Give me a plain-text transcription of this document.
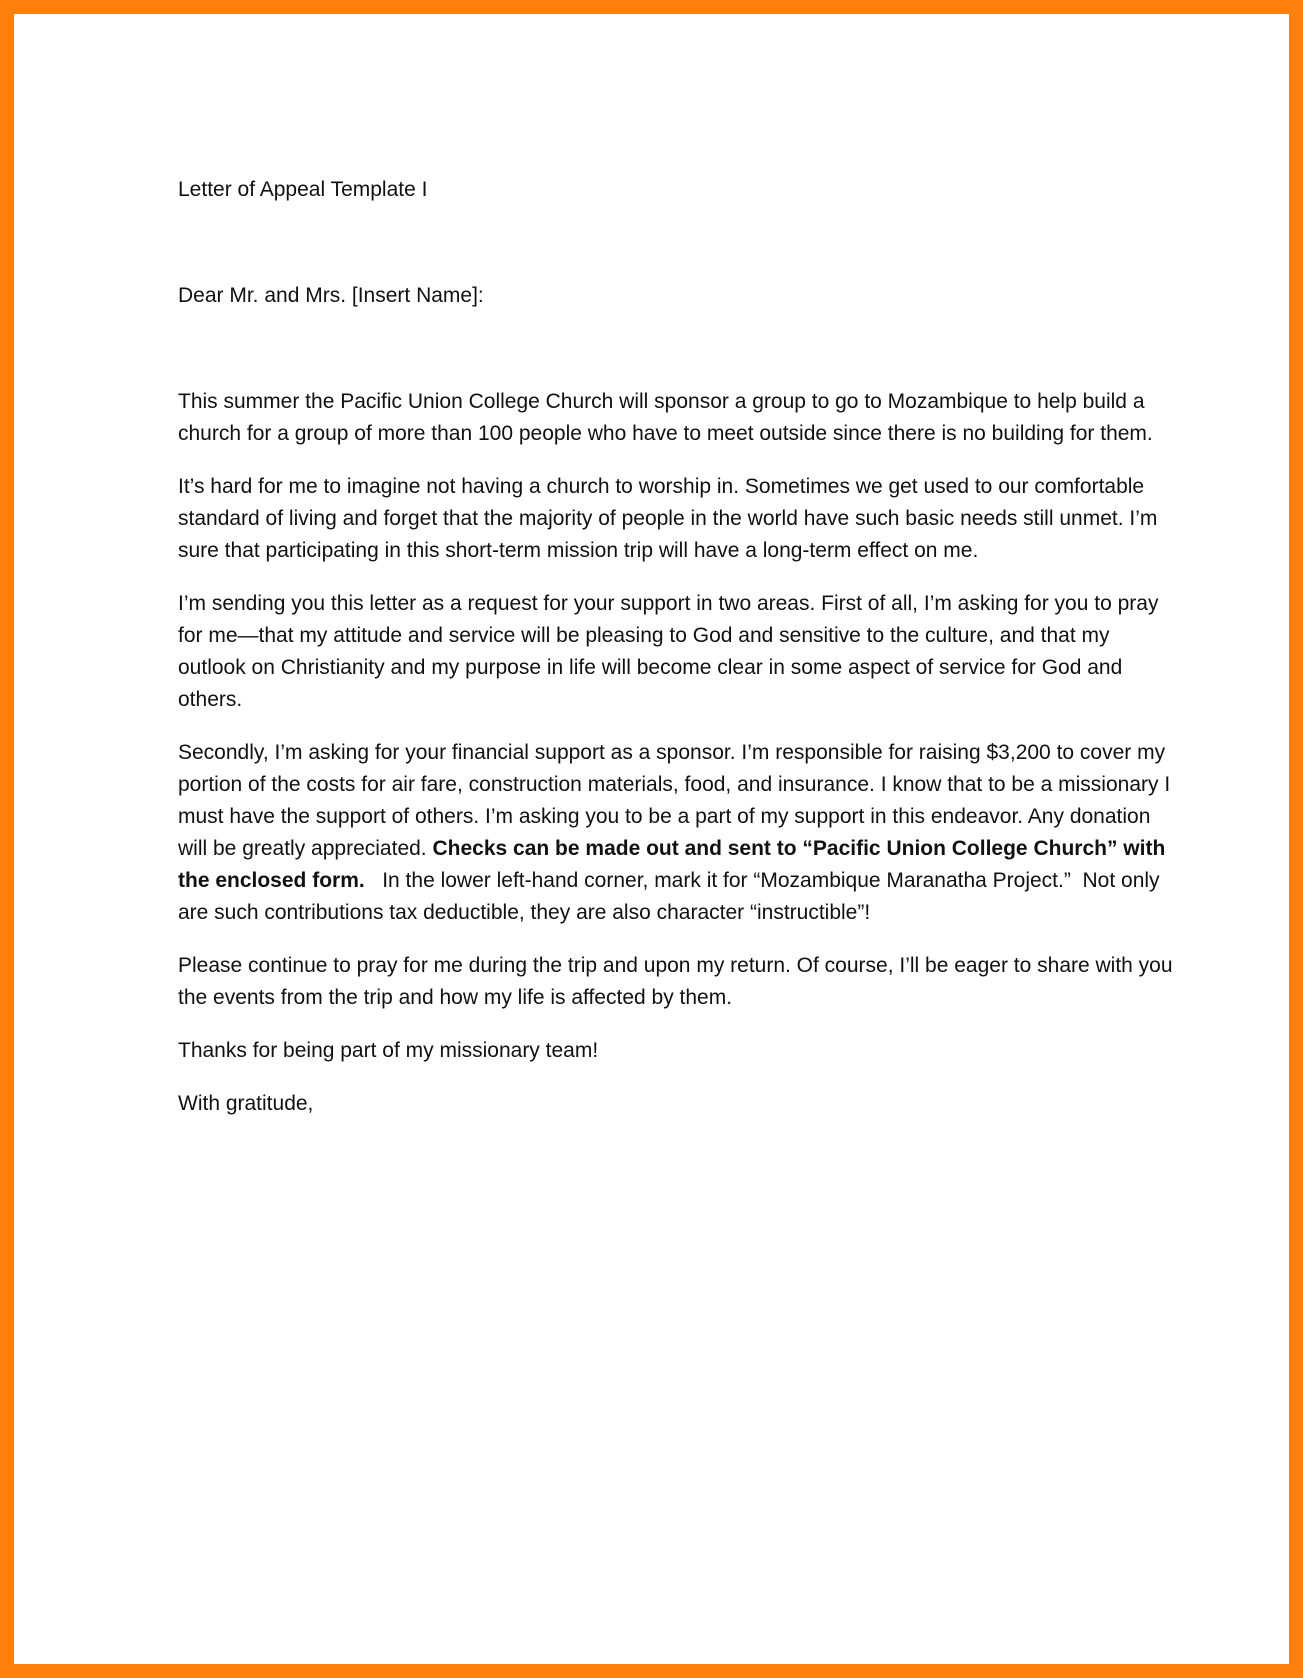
Letter of Appeal Template I

Dear Mr. and Mrs. [Insert Name]:

This summer the Pacific Union College Church will sponsor a group to go to Mozambique to help build a church for a group of more than 100 people who have to meet outside since there is no building for them.

It’s hard for me to imagine not having a church to worship in. Sometimes we get used to our comfortable standard of living and forget that the majority of people in the world have such basic needs still unmet. I’m sure that participating in this short-term mission trip will have a long-term effect on me.

I’m sending you this letter as a request for your support in two areas. First of all, I’m asking for you to pray for me—that my attitude and service will be pleasing to God and sensitive to the culture, and that my outlook on Christianity and my purpose in life will become clear in some aspect of service for God and others.

Secondly, I’m asking for your financial support as a sponsor. I’m responsible for raising $3,200 to cover my portion of the costs for air fare, construction materials, food, and insurance. I know that to be a missionary I must have the support of others. I’m asking you to be a part of my support in this endeavor. Any donation will be greatly appreciated. Checks can be made out and sent to “Pacific Union College Church” with the enclosed form.   In the lower left-hand corner, mark it for “Mozambique Maranatha Project.”  Not only are such contributions tax deductible, they are also character “instructible”!

Please continue to pray for me during the trip and upon my return. Of course, I’ll be eager to share with you the events from the trip and how my life is affected by them.

Thanks for being part of my missionary team!

With gratitude,
